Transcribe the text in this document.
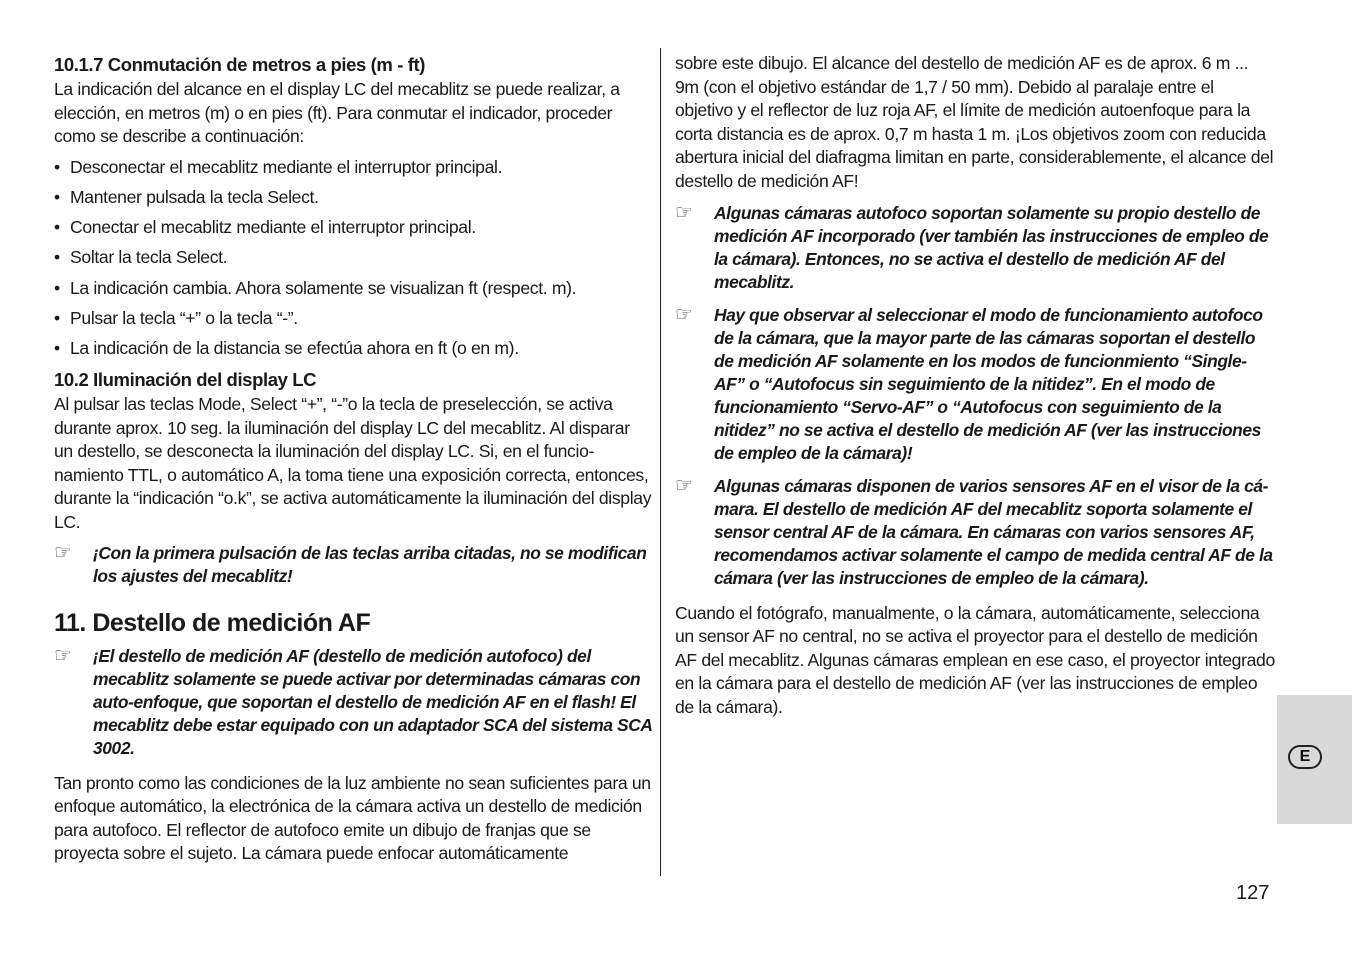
10.1.7 Conmutación de metros a pies (m - ft)

La indicación del alcance en el display LC del mecablitz se puede realizar, a elección, en metros (m) o en pies (ft). Para conmutar el indicador, proceder como se describe a continuación:

• Desconectar el mecablitz mediante el interruptor principal.
• Mantener pulsada la tecla Select.
• Conectar el mecablitz mediante el interruptor principal.
• Soltar la tecla Select.
• La indicación cambia. Ahora solamente se visualizan ft (respect. m).
• Pulsar la tecla “+” o la tecla “-”.
• La indicación de la distancia se efectúa ahora en ft (o en m).
10.2 Iluminación del display LC

Al pulsar las teclas Mode, Select “+”, “-”o la tecla de preselección, se activa durante aprox. 10 seg. la iluminación del display LC del mecablitz. Al disparar un destello, se desconecta la iluminación del display LC. Si, en el funcionamiento TTL, o automático A, la toma tiene una exposición correcta, entonces, durante la “indicación “o.k”, se activa automáticamente la iluminación del display LC.

☞	¡Con la primera pulsación de las teclas arriba citadas, no se modifican los ajustes del mecablitz!
11. Destello de medición AF
☞	¡El destello de medición AF (destello de medición autofoco) del mecablitz solamente se puede activar por determinadas cámaras con auto-enfoque, que soportan el destello de medición AF en el flash! El mecablitz debe estar equipado con un adaptador SCA del sistema SCA 3002.

Tan pronto como las condiciones de la luz ambiente no sean suficientes para un enfoque automático, la electrónica de la cámara activa un destello de medición para autofoco. El reflector de autofoco emite un dibujo de franjas que se proyecta sobre el sujeto. La cámara puede enfocar automáticamente

sobre este dibujo. El alcance del destello de medición AF es de aprox. 6 m ... 9m (con el objetivo estándar de 1,7 / 50 mm). Debido al paralaje entre el objetivo y el reflector de luz roja AF, el límite de medición autoenfoque para la corta distancia es de aprox. 0,7 m hasta 1 m. ¡Los objetivos zoom con reducida abertura inicial del diafragma limitan en parte, considerablemente, el alcance del destello de medición AF!

☞	Algunas cámaras autofoco soportan solamente su propio destello de medición AF incorporado (ver también las instrucciones de empleo de la cámara). Entonces, no se activa el destello de medición AF del mecablitz.
☞	Hay que observar al seleccionar el modo de funcionamiento autofoco de la cámara, que la mayor parte de las cámaras soportan el destello de medición AF solamente en los modos de funcionmiento “Single-AF” o “Autofocus sin seguimiento de la nitidez”. En el modo de funcionamiento “Servo-AF” o “Autofocus con seguimiento de la nitidez” no se activa el destello de medición AF (ver las instrucciones de empleo de la cámara)!
☞	Algunas cámaras disponen de varios sensores AF en el visor de la cámara. El destello de medición AF del mecablitz soporta solamente el sensor central AF de la cámara. En cámaras con varios sensores AF, recomendamos activar solamente el campo de medida central AF de la cámara (ver las instrucciones de empleo de la cámara).

Cuando el fotógrafo, manualmente, o la cámara, automáticamente, selecciona un sensor AF no central, no se activa el proyector para el destello de medición AF del mecablitz. Algunas cámaras emplean en ese caso, el proyector integrado en la cámara para el destello de medición AF (ver las instrucciones de empleo de la cámara).

E
127
